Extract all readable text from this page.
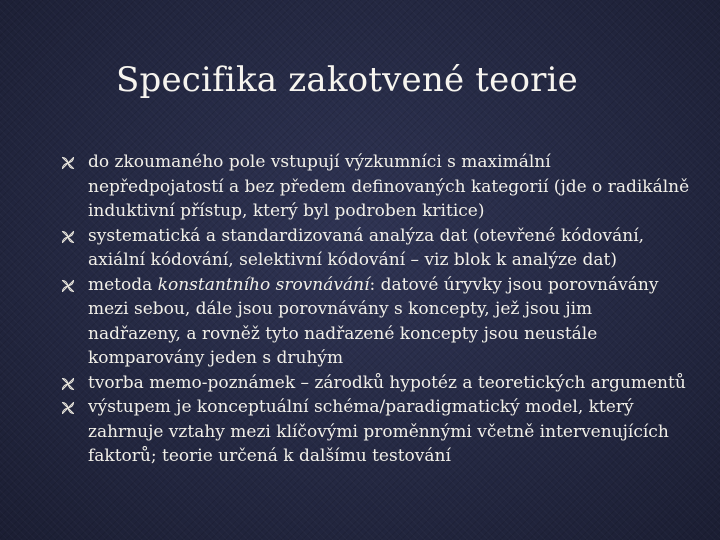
Specifika zakotvené teorie
do zkoumaného pole vstupují výzkumníci s maximální nepředpojatostí a bez předem definovaných kategorií (jde o radikálně induktivní přístup, který byl podroben kritice)
systematická a standardizovaná analýza dat (otevřené kódování, axiální kódování, selektivní kódování – viz blok k analýze dat)
metoda konstantního srovnávání: datové úryvky jsou porovnávány mezi sebou, dále jsou porovnávány s koncepty, jež jsou jim nadřazeny, a rovněž tyto nadřazené koncepty jsou neustále komparovány jeden s druhým
tvorba memo-poznámek – zárodků hypotéz a teoretických argumentů
výstupem je konceptuální schéma/paradigmatický model, který zahrnuje vztahy mezi klíčovými proměnnými včetně intervenujících faktorů; teorie určená k dalšímu testování
